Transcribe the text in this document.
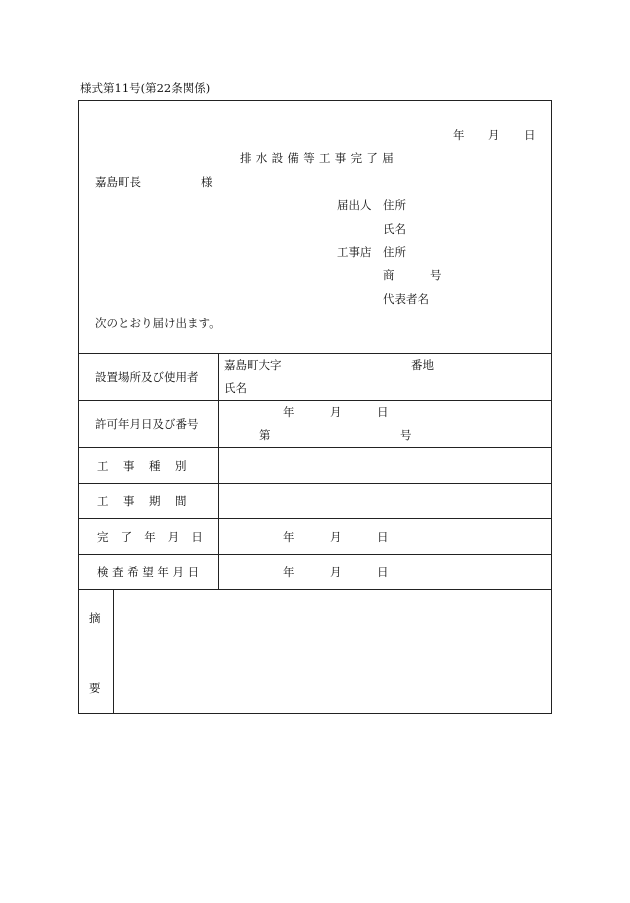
様式第11号(第22条関係)
年 月 日
排水設備等工事完了届
嘉島町長	様
届出人 住所
氏名
工事店 住所
商　号
代表者名
次のとおり届け出ます。
設置場所及び使用者
嘉島町大字	番地
氏名
許可年月日及び番号
年	月	日
第	号
工　事　種　別
工　事　期　間
完　了　年　月　日	年	月	日
検査希望年月日	年	月	日
摘
要
